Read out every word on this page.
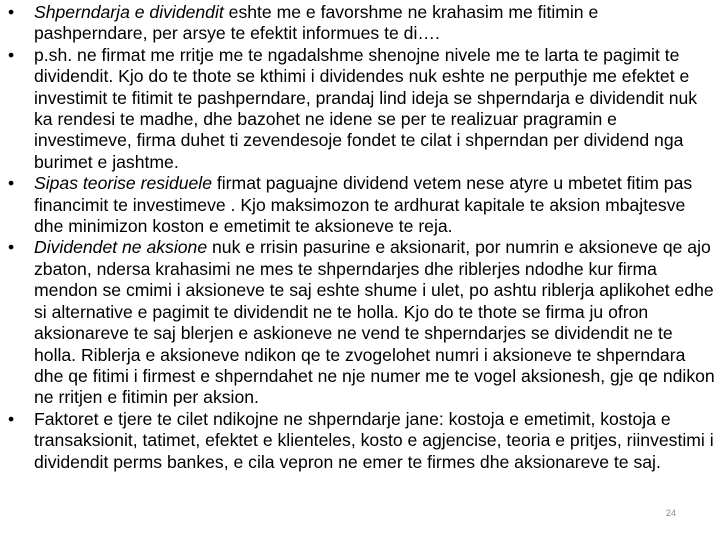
•	Shperndarja e dividendit eshte me e favorshme ne krahasim me fitimin e pashperndare, per arsye te efektit informues te di….
•	p.sh. ne firmat me rritje me te ngadalshme shenojne nivele me te larta te pagimit te dividendit. Kjo do te thote se kthimi i dividendes nuk eshte ne perputhje me efektet e investimit te fitimit te pashperndare, prandaj lind ideja se shperndarja e dividendit nuk ka rendesi te madhe, dhe bazohet ne idene se per te realizuar pragramin e investimeve, firma duhet ti zevendesoje fondet te cilat i shperndan per dividend nga burimet e jashtme.
•	Sipas teorise residuele firmat paguajne dividend vetem nese atyre u mbetet fitim pas financimit te investimeve . Kjo maksimozon te ardhurat kapitale te aksion mbajtesve dhe minimizon koston e emetimit te aksioneve te reja.
•	Dividendet ne aksione nuk e rrisin pasurine e aksionarit, por numrin e aksioneve qe ajo zbaton, ndersa krahasimi ne mes te shperndarjes dhe riblerjes ndodhe kur firma mendon se cmimi i aksioneve te saj eshte shume i ulet, po ashtu riblerja aplikohet edhe si alternative e pagimit te dividendit ne te holla. Kjo do te thote se firma ju ofron aksionareve te saj blerjen e askioneve ne vend te shperndarjes se dividendit ne te holla. Riblerja e aksioneve ndikon qe te zvogelohet numri i aksioneve te shperndara dhe qe fitimi i firmest e shperndahet ne nje numer me te vogel aksionesh, gje qe ndikon ne rritjen e fitimin per aksion.
•	Faktoret e tjere te cilet ndikojne ne shperndarje jane: kostoja e emetimit, kostoja e transaksionit, tatimet, efektet e klienteles, kosto e agjencise, teoria e pritjes, riinvestimi i dividendit perms bankes, e cila vepron ne emer te firmes dhe aksionareve te saj.
24
